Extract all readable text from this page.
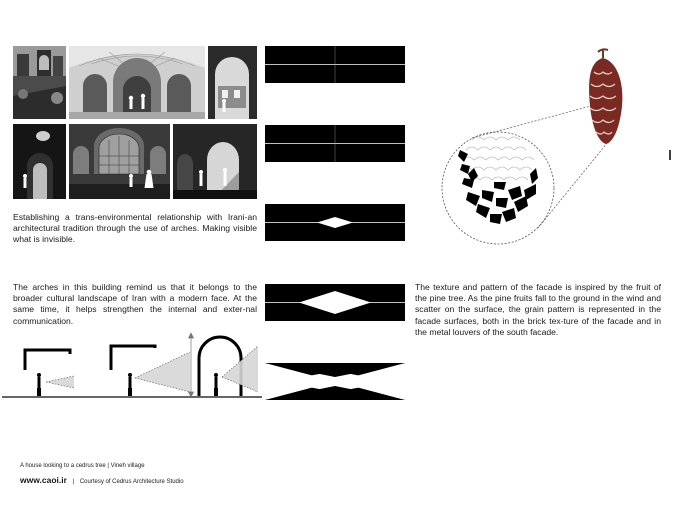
Establishing a trans-environmental relationship with Irani-an architectural tradition through the use of arches. Making visible what is invisible.

The arches in this building remind us that it belongs to the broader cultural landscape of Iran with a modern face. At the same time, it helps strengthen the internal and exter-nal communication.

The texture and pattern of the facade is inspired by the fruit of the pine tree. As the pine fruits fall to the ground in the wind and scatter on the surface, the grain pattern is represented in the facade surfaces, both in the brick tex-ture of the facade and in the metal louvers of the south facade.

A house looking to a cedrus tree | Vineh village
www.caoi.ir | Courtesy of Cedrus Architecture Studio
